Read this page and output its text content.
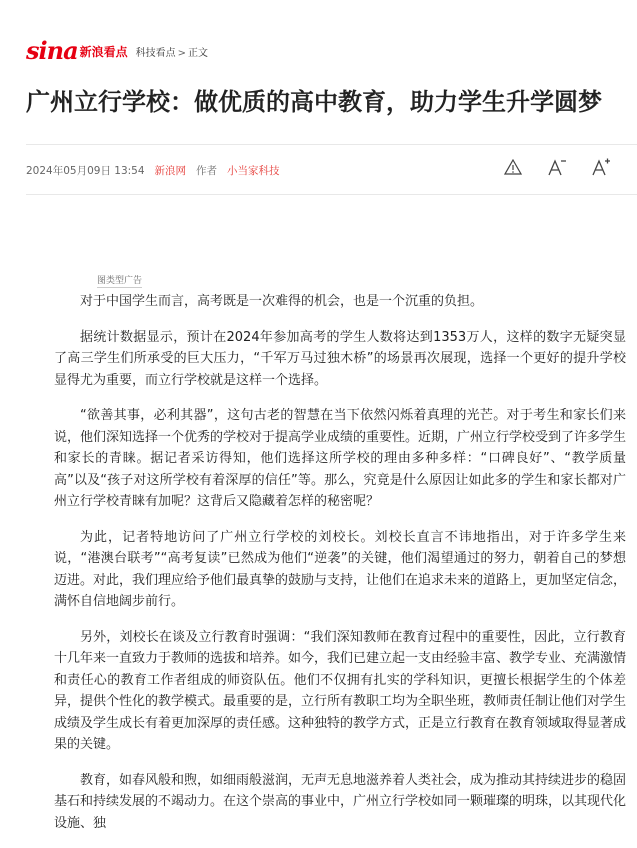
sina 新浪看点 科技看点 > 正文
广州立行学校：做优质的高中教育，助力学生升学圆梦
2024年05月09日 13:54 新浪网 作者 小当家科技
图类型广告

对于中国学生而言，高考既是一次难得的机会，也是一个沉重的负担。

据统计数据显示，预计在2024年参加高考的学生人数将达到1353万人，这样的数字无疑突显了高三学生们所承受的巨大压力，“千军万马过独木桥”的场景再次展现，选择一个更好的提升学校显得尤为重要，而立行学校就是这样一个选择。

“欲善其事，必利其器”，这句古老的智慧在当下依然闪烁着真理的光芒。对于考生和家长们来说，他们深知选择一个优秀的学校对于提高学业成绩的重要性。近期，广州立行学校受到了许多学生和家长的青睐。据记者采访得知，他们选择这所学校的理由多种多样：“口碑良好”、“教学质量高”以及“孩子对这所学校有着深厚的信任”等。那么，究竟是什么原因让如此多的学生和家长都对广州立行学校青睐有加呢？这背后又隐藏着怎样的秘密呢？

为此，记者特地访问了广州立行学校的刘校长。刘校长直言不讳地指出，对于许多学生来说，“港澳台联考”“高考复读”已然成为他们“逆袭”的关键，他们渴望通过的努力，朝着自己的梦想迈进。对此，我们理应给予他们最真挚的鼓励与支持，让他们在追求未来的道路上，更加坚定信念，满怀自信地阔步前行。

另外，刘校长在谈及立行教育时强调：“我们深知教师在教育过程中的重要性，因此，立行教育十几年来一直致力于教师的选拔和培养。如今，我们已建立起一支由经验丰富、教学专业、充满激情和责任心的教育工作者组成的师资队伍。他们不仅拥有扎实的学科知识，更擅长根据学生的个体差异，提供个性化的教学模式。最重要的是，立行所有教职工均为全职坐班，教师责任制让他们对学生成绩及学生成长有着更加深厚的责任感。这种独特的教学方式，正是立行教育在教育领域取得显著成果的关键。

教育，如春风般和煦，如细雨般滋润，无声无息地滋养着人类社会，成为推动其持续进步的稳固基石和持续发展的不竭动力。在这个崇高的事业中，广州立行学校如同一颗璀璨的明珠，以其现代化设施、独
